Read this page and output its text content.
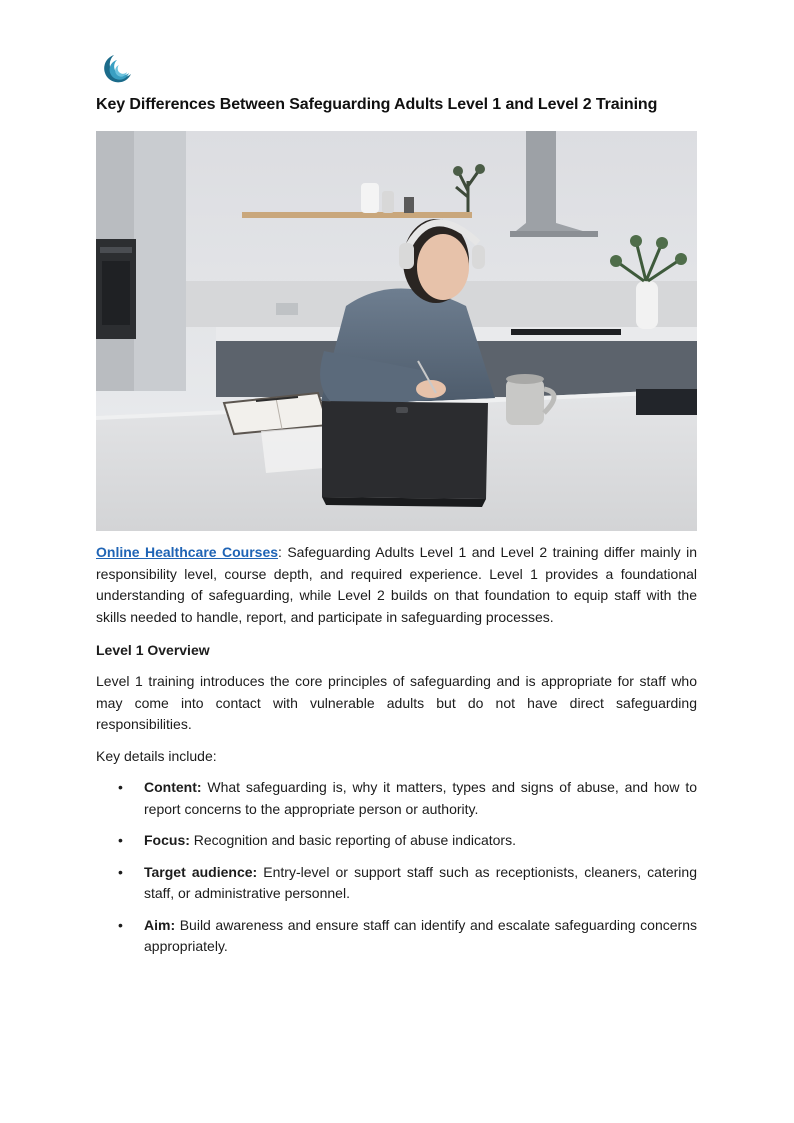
Key Differences Between Safeguarding Adults Level 1 and Level 2 Training

Online Healthcare Courses: Safeguarding Adults Level 1 and Level 2 training differ mainly in responsibility level, course depth, and required experience. Level 1 provides a foundational understanding of safeguarding, while Level 2 builds on that foundation to equip staff with the skills needed to handle, report, and participate in safeguarding processes.

Level 1 Overview

Level 1 training introduces the core principles of safeguarding and is appropriate for staff who may come into contact with vulnerable adults but do not have direct safeguarding responsibilities.

Key details include:

• Content: What safeguarding is, why it matters, types and signs of abuse, and how to report concerns to the appropriate person or authority.
• Focus: Recognition and basic reporting of abuse indicators.
• Target audience: Entry-level or support staff such as receptionists, cleaners, catering staff, or administrative personnel.
• Aim: Build awareness and ensure staff can identify and escalate safeguarding concerns appropriately.
